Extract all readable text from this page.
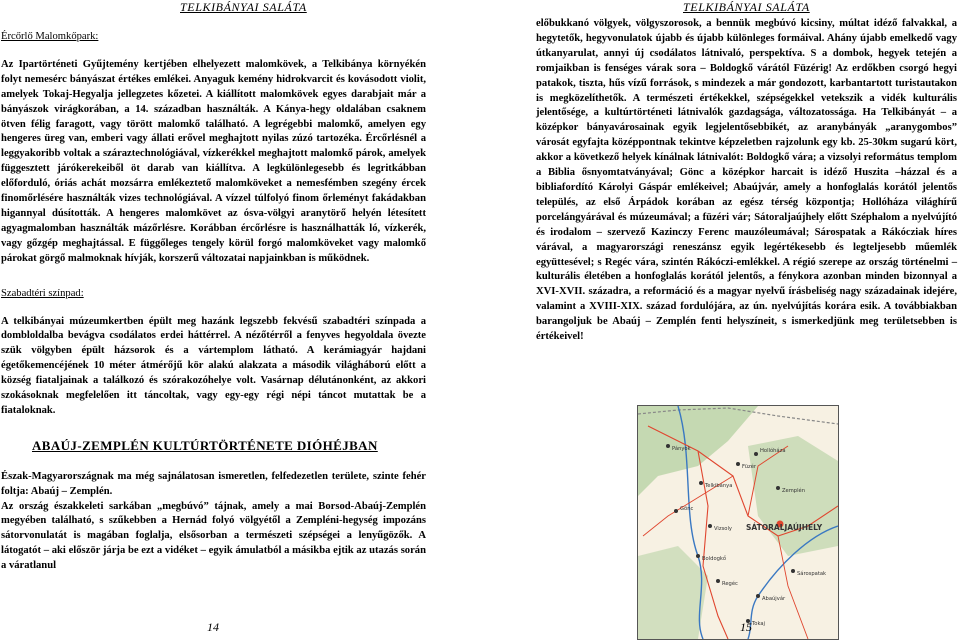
TELKIBÁNYAI SALÁTA
Ércőrlő Malomkőpark:
Az Ipartörténeti Gyűjtemény kertjében elhelyezett malomkövek, a Telkibánya környékén folyt nemesérc bányászat értékes emlékei. Anyaguk kemény hidrokvarcit és kovásodott violit, amelyek Tokaj-Hegyalja jellegzetes kőzetei. A kiállított malomkövek egyes darabjait már a bányászok virágkorában, a 14. században használták. A Kánya-hegy oldalában csaknem ötven félig faragott, vagy törött malomkő található. A legrégebbi malomkő, amelyen egy hengeres üreg van, emberi vagy állati erővel meghajtott nyilas zúzó tartozéka. Ércőrlésnél a leggyakoribb voltak a száraztechnológiával, vízkerékkel meghajtott malomkő párok, amelyek függesztett járókerekeiből öt darab van kiállítva. A legkülönlegesebb és legritkábban előforduló, óriás achát mozsárra emlékeztető malomköveket a nemesfémben szegény ércek finomőrlésére használták vizes technológiával. A vízzel túlfolyó finom őrleményt fakádakban higannyal dúsították. A hengeres malomkövet az ósva-völgyi aranytörő helyén létesített agyagmalomban használták mázőrlésre. Korábban ércőrlésre is használhatták ló, vízkerék, vagy gőzgép meghajtással. E függőleges tengely körül forgó malomköveket vagy malomkő párokat görgő malmoknak hívják, korszerű változatai napjainkban is működnek.
Szabadtéri színpad:
A telkibányai múzeumkertben épült meg hazánk legszebb fekvésű szabadtéri színpada a dombloldalba bevágva csodálatos erdei háttérrel. A nézőtérről a fenyves hegyoldala övezte szük völgyben épült házsorok és a vártemplom látható. A kerámiagyár hajdani égetőkemencéjének 10 méter átmérőjű kör alakú alakzata a második világháború előtt a község fiataljainak a találkozó és szórakozóhelye volt. Vasárnap délutánonként, az akkori szokásoknak megfelelően itt táncoltak, vagy egy-egy régi népi táncot mutattak be a fiataloknak.
ABAÚJ-ZEMPLÉN KULTÚRTÖRTÉNETE DIÓHÉJBAN
Észak-Magyarországnak ma még sajnálatosan ismeretlen, felfedezetlen területe, szinte fehér foltja: Abaúj – Zemplén.
Az ország északkeleti sarkában „megbúvó” tájnak, amely a mai Borsod-Abaúj-Zemplén megyében található, s szűkebben a Hernád folyó völgyétől a Zempléni-hegység impozáns sátorvonulatát is magában foglalja, elsősorban a természeti szépségei a lenyűgözők. A látogatót – aki először járja be ezt a vidéket – egyik ámulatból a másikba ejtik az utazás során a váratlanul
14
TELKIBÁNYAI SALÁTA
előbukkanó völgyek, völgyszorosok, a bennük megbúvó kicsiny, múltat idéző falvakkal, a hegytetők, hegyvonulatok újabb és újabb különleges formáival. Ahány újabb emelkedő vagy útkanyarulat, annyi új csodálatos látnivaló, perspektíva. S a dombok, hegyek tetején a romjaikban is fenséges várak sora – Boldogkő várától Füzérig! Az erdőkben csorgó hegyi patakok, tiszta, hűs vízű források, s mindezek a már gondozott, karbantartott turistautakon is megközelíthetők. A természeti értékekkel, szépségekkel vetekszik a vidék kulturális jelentősége, a kultúrtörténeti látnivalók gazdagsága, változatossága. Ha Telkibányát – a középkor bányavárosainak egyik legjelentősebbikét, az aranybányák „aranygombos” városát egyfajta középpontnak tekintve képzeletben rajzolunk egy kb. 25-30km sugarú kört, akkor a következő helyek kínálnak látnivalót: Boldogkő vára; a vizsolyi református templom a Biblia ősnyomtatványával; Gönc a középkor harcait is idéző Huszita –házzal és a bibliafordító Károlyi Gáspár emlékeivel; Abaújvár, amely a honfoglalás korától jelentős település, az első Árpádok korában az egész térség központja; Hollóháza világhírű porcelángyárával és múzeumával; a füzéri vár; Sátoraljaújhely előtt Széphalom a nyelvújító és irodalom – szervező Kazinczy Ferenc mauzóleumával; Sárospatak a Rákócziak híres várával, a magyarországi reneszánsz egyik legértékesebb és legteljesebb műemlék együttesével; s Regéc vára, szintén Rákóczi-emlékkel. A régió szerepe az ország történelmi – kulturális életében a honfoglalás korától jelentős, a fénykora azonban minden bizonnyal a XVI-XVII. századra, a reformáció és a magyar nyelvű írásbeliség nagy századainak idejére, valamint a XVIII-XIX. század fordulójára, az ún. nyelvújítás korára esik. A továbbiakban barangoljuk be Abaúj – Zemplén fenti helyszíneit, s ismerkedjünk meg területsebben is értékeivel!
SÁTORALJAÚJHELY
Hollóháza
Füzér
Telkibánya
Gönc
Vizsoly
Boldogkő
Regéc
Sárospatak
Abaújvár
Pányok
Zemplén
Tokaj
15
